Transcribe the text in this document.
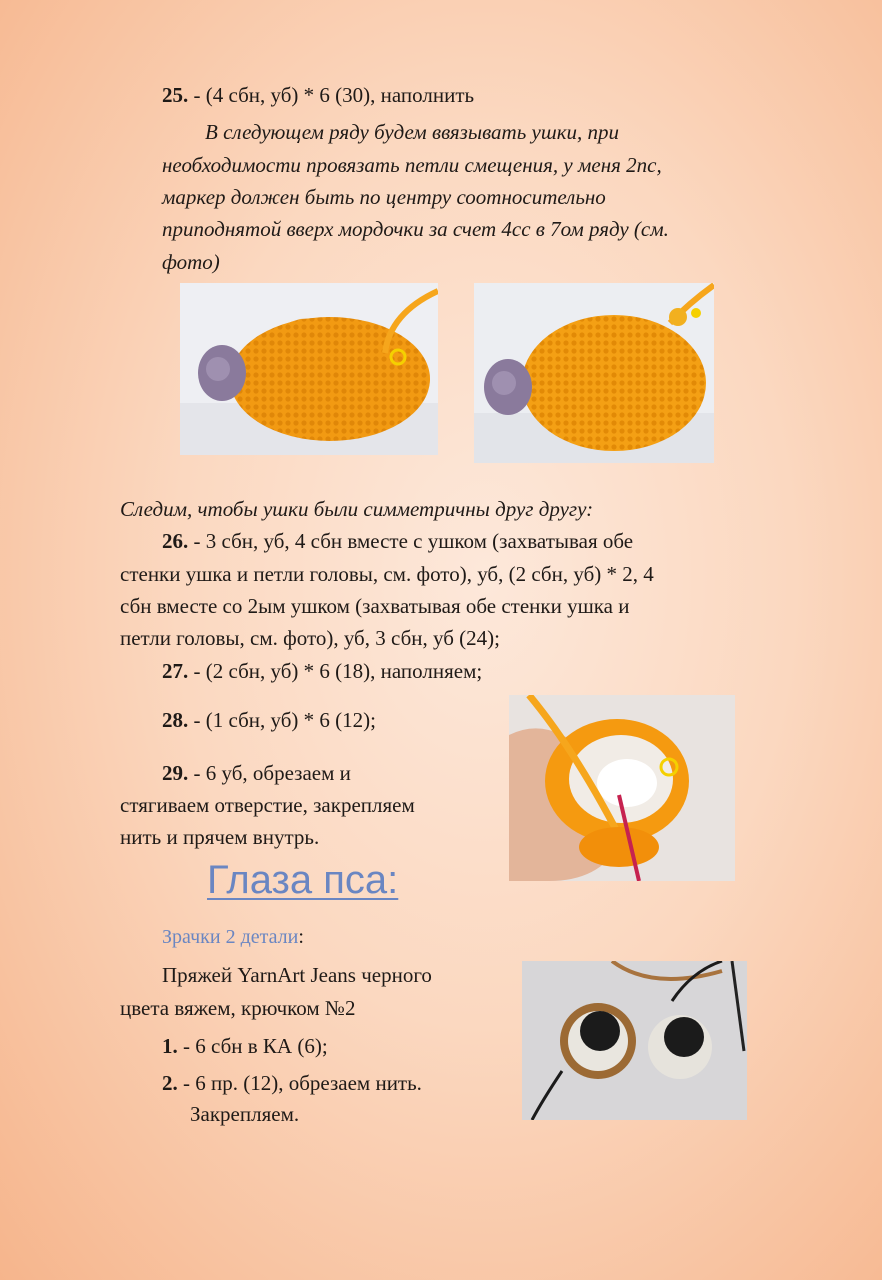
25. - (4 сбн, уб) * 6 (30), наполнить
В следующем ряду будем ввязывать ушки, при
необходимости провязать петли смещения, у меня 2пс,
маркер должен быть по центру соотносительно
приподнятой вверх мордочки за счет 4сс в 7ом ряду (см.
фото)
Следим, чтобы ушки были симметричны друг другу:
26. - 3 сбн, уб, 4 сбн вместе с ушком (захватывая обе
стенки ушка и петли головы, см. фото), уб, (2 сбн, уб) * 2, 4
сбн вместе со 2ым ушком (захватывая обе стенки ушка и
петли головы, см. фото), уб, 3 сбн, уб (24);
27. - (2 сбн, уб) * 6 (18), наполняем;
28. - (1 сбн, уб) * 6 (12);
29. - 6 уб, обрезаем и
стягиваем отверстие, закрепляем
нить и прячем внутрь.
Глаза пса:
Зрачки 2 детали:
Пряжей YarnArt Jeans черного
цвета вяжем, крючком №2
1. - 6 сбн в КА (6);
2. - 6 пр. (12), обрезаем нить.
Закрепляем.
